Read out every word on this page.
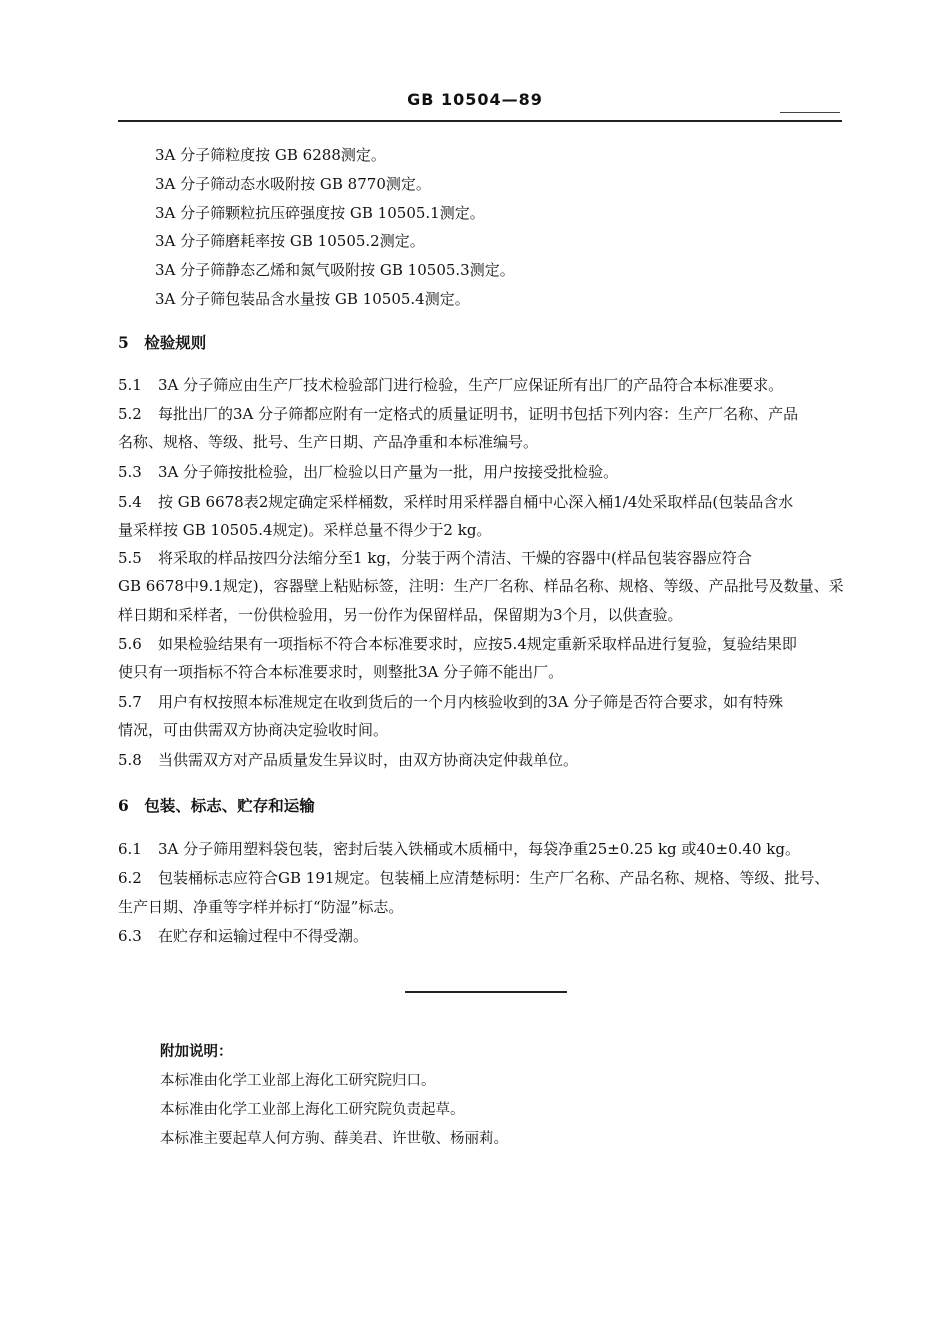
GB 10504—89
3A 分子筛粒度按 GB 6288测定。
3A 分子筛动态水吸附按 GB 8770测定。
3A 分子筛颗粒抗压碎强度按 GB 10505.1测定。
3A 分子筛磨耗率按 GB 10505.2测定。
3A 分子筛静态乙烯和氮气吸附按 GB 10505.3测定。
3A 分子筛包装品含水量按 GB 10505.4测定。
5　检验规则
5.1 3A 分子筛应由生产厂技术检验部门进行检验，生产厂应保证所有出厂的产品符合本标准要求。
5.2 每批出厂的3A 分子筛都应附有一定格式的质量证明书，证明书包括下列内容：生产厂名称、产品
名称、规格、等级、批号、生产日期、产品净重和本标准编号。
5.3 3A 分子筛按批检验，出厂检验以日产量为一批，用户按接受批检验。
5.4 按 GB 6678表2规定确定采样桶数，采样时用采样器自桶中心深入桶1/4处采取样品(包装品含水
量采样按 GB 10505.4规定)。采样总量不得少于2 kg。
5.5 将采取的样品按四分法缩分至1 kg，分装于两个清洁、干燥的容器中(样品包装容器应符合
GB 6678中9.1规定)，容器壁上粘贴标签，注明：生产厂名称、样品名称、规格、等级、产品批号及数量、采
样日期和采样者，一份供检验用，另一份作为保留样品，保留期为3个月，以供查验。
5.6 如果检验结果有一项指标不符合本标准要求时，应按5.4规定重新采取样品进行复验，复验结果即
使只有一项指标不符合本标准要求时，则整批3A 分子筛不能出厂。
5.7 用户有权按照本标准规定在收到货后的一个月内核验收到的3A 分子筛是否符合要求，如有特殊
情况，可由供需双方协商决定验收时间。
5.8 当供需双方对产品质量发生异议时，由双方协商决定仲裁单位。
6　包装、标志、贮存和运输
6.1 3A 分子筛用塑料袋包装，密封后装入铁桶或木质桶中，每袋净重25±0.25 kg 或40±0.40 kg。
6.2 包装桶标志应符合GB 191规定。包装桶上应清楚标明：生产厂名称、产品名称、规格、等级、批号、
生产日期、净重等字样并标打“防湿”标志。
6.3 在贮存和运输过程中不得受潮。
附加说明：
本标准由化学工业部上海化工研究院归口。
本标准由化学工业部上海化工研究院负责起草。
本标准主要起草人何方驹、薛美君、许世敬、杨丽莉。
